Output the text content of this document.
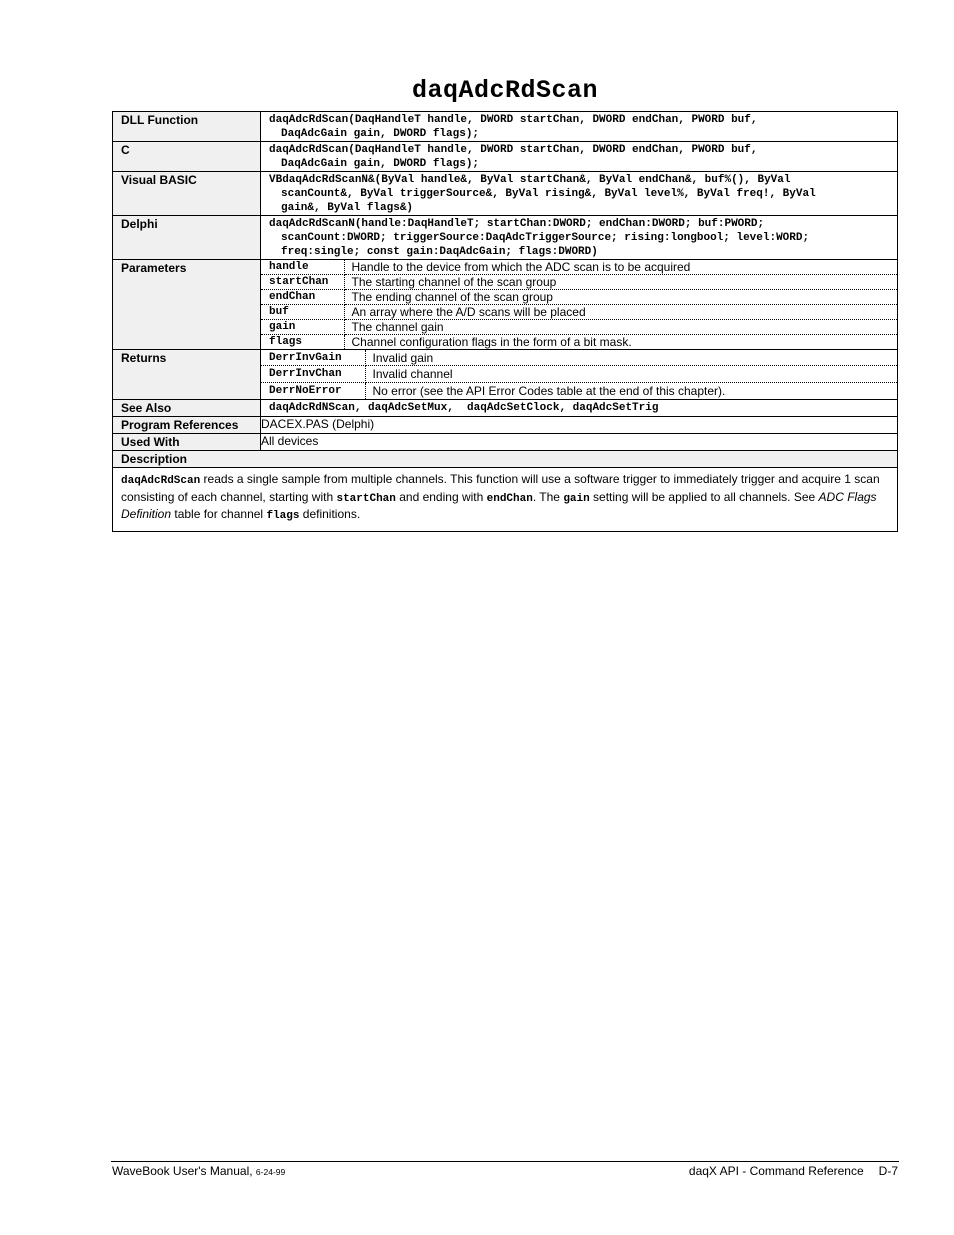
daqAdcRdScan
DLL Function	daqAdcRdScan(DaqHandleT handle, DWORD startChan, DWORD endChan, PWORD buf,
DaqAdcGain gain, DWORD flags);

C	daqAdcRdScan(DaqHandleT handle, DWORD startChan, DWORD endChan, PWORD buf,
DaqAdcGain gain, DWORD flags);

Visual BASIC	VBdaqAdcRdScanN&(ByVal handle&, ByVal startChan&, ByVal endChan&, buf%(), ByVal
scanCount&, ByVal triggerSource&, ByVal rising&, ByVal level%, ByVal freq!, ByVal
gain&, ByVal flags&)

Delphi	daqAdcRdScanN(handle:DaqHandleT; startChan:DWORD; endChan:DWORD; buf:PWORD;
scanCount:DWORD; triggerSource:DaqAdcTriggerSource; rising:longbool; level:WORD;
freq:single; const gain:DaqAdcGain; flags:DWORD)

Parameters		handle	Handle to the device from which the ADC scan is to be acquired
startChan	The starting channel of the scan group
endChan	The ending channel of the scan group
buf	An array where the A/D scans will be placed
gain	The channel gain
flags	Channel configuration flags in the form of a bit mask.

Returns		DerrInvGain	Invalid gain
DerrInvChan	Invalid channel
DerrNoError	No error (see the API Error Codes table at the end of this chapter).

See Also	daqAdcRdNScan, daqAdcSetMux,  daqAdcSetClock, daqAdcSetTrig
Program References	DACEX.PAS (Delphi)
Used With	All devices
Description
daqAdcRdScan reads a single sample from multiple channels. This function will use a software trigger to immediately trigger and acquire 1 scan consisting of each channel, starting with startChan and ending with endChan. The gain setting will be applied to all channels. See ADC Flags Definition table for channel flags definitions.
WaveBook User's Manual, 6-24-99	daqX API - Command Reference D-7
